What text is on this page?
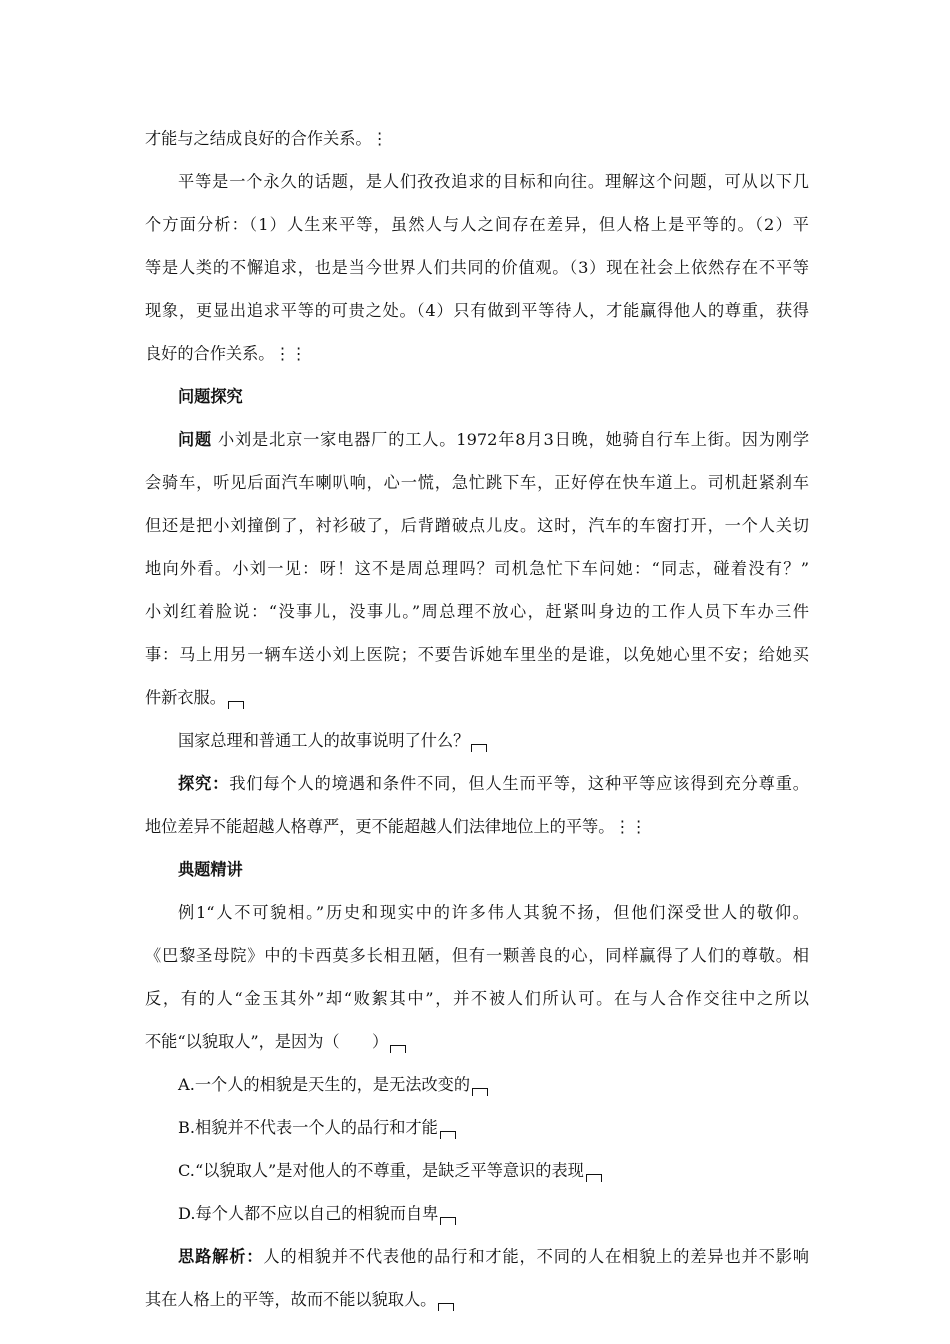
才能与之结成良好的合作关系。⋮
平等是一个永久的话题，是人们孜孜追求的目标和向往。理解这个问题，可从以下几
个方面分析：（1）人生来平等，虽然人与人之间存在差异，但人格上是平等的。（2）平
等是人类的不懈追求，也是当今世界人们共同的价值观。（3）现在社会上依然存在不平等
现象，更显出追求平等的可贵之处。（4）只有做到平等待人，才能赢得他人的尊重，获得
良好的合作关系。⋮⋮
问题探究
问题 小刘是北京一家电器厂的工人。1972年8月3日晚，她骑自行车上街。因为刚学
会骑车，听见后面汽车喇叭响，心一慌，急忙跳下车，正好停在快车道上。司机赶紧刹车
但还是把小刘撞倒了，衬衫破了，后背蹭破点儿皮。这时，汽车的车窗打开，一个人关切
地向外看。小刘一见：呀！这不是周总理吗？司机急忙下车问她：“同志，碰着没有？”
小刘红着脸说：“没事儿，没事儿。”周总理不放心，赶紧叫身边的工作人员下车办三件
事：马上用另一辆车送小刘上医院；不要告诉她车里坐的是谁，以免她心里不安；给她买
件新衣服。
国家总理和普通工人的故事说明了什么？
探究：我们每个人的境遇和条件不同，但人生而平等，这种平等应该得到充分尊重。
地位差异不能超越人格尊严，更不能超越人们法律地位上的平等。⋮⋮
典题精讲
例1“人不可貌相。”历史和现实中的许多伟人其貌不扬，但他们深受世人的敬仰。
《巴黎圣母院》中的卡西莫多长相丑陋，但有一颗善良的心，同样赢得了人们的尊敬。相
反，有的人“金玉其外”却“败絮其中”，并不被人们所认可。在与人合作交往中之所以
不能“以貌取人”，是因为（　　）
A.一个人的相貌是天生的，是无法改变的
B.相貌并不代表一个人的品行和才能
C.“以貌取人”是对他人的不尊重，是缺乏平等意识的表现
D.每个人都不应以自己的相貌而自卑
思路解析：人的相貌并不代表他的品行和才能，不同的人在相貌上的差异也并不影响
其在人格上的平等，故而不能以貌取人。
